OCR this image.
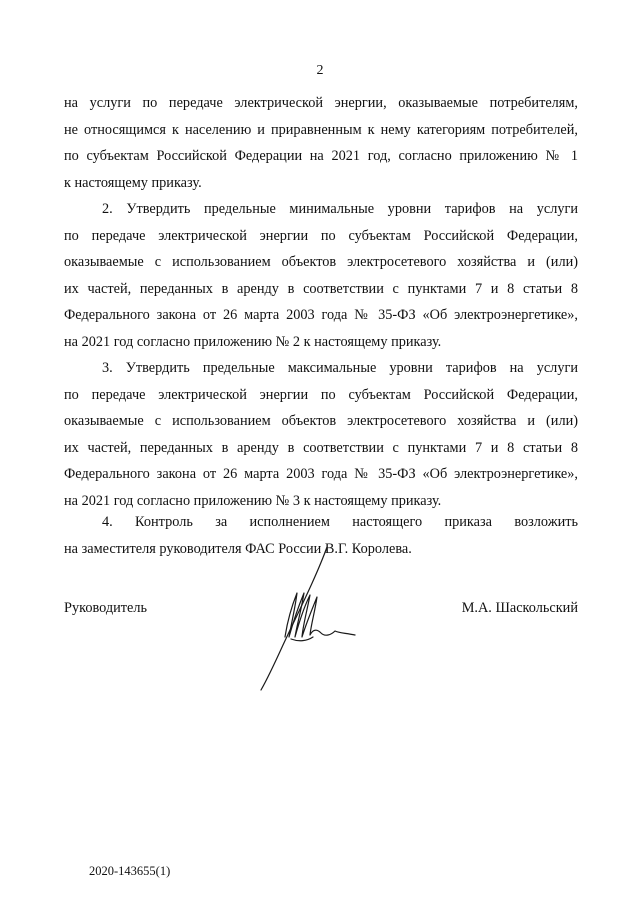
2
на услуги по передаче электрической энергии, оказываемые потребителям,
не относящимся к населению и приравненным к нему категориям потребителей,
по субъектам Российской Федерации на 2021 год, согласно приложению № 1
к настоящему приказу.
2. Утвердить предельные минимальные уровни тарифов на услуги
по передаче электрической энергии по субъектам Российской Федерации,
оказываемые с использованием объектов электросетевого хозяйства и (или)
их частей, переданных в аренду в соответствии с пунктами 7 и 8 статьи 8
Федерального закона от 26 марта 2003 года № 35-ФЗ «Об электроэнергетике»,
на 2021 год согласно приложению № 2 к настоящему приказу.
3. Утвердить предельные максимальные уровни тарифов на услуги
по передаче электрической энергии по субъектам Российской Федерации,
оказываемые с использованием объектов электросетевого хозяйства и (или)
их частей, переданных в аренду в соответствии с пунктами 7 и 8 статьи 8
Федерального закона от 26 марта 2003 года № 35-ФЗ «Об электроэнергетике»,
на 2021 год согласно приложению № 3 к настоящему приказу.
4. Контроль за исполнением настоящего приказа возложить
на заместителя руководителя ФАС России В.Г. Королева.
Руководитель	М.А. Шаскольский
2020-143655(1)
